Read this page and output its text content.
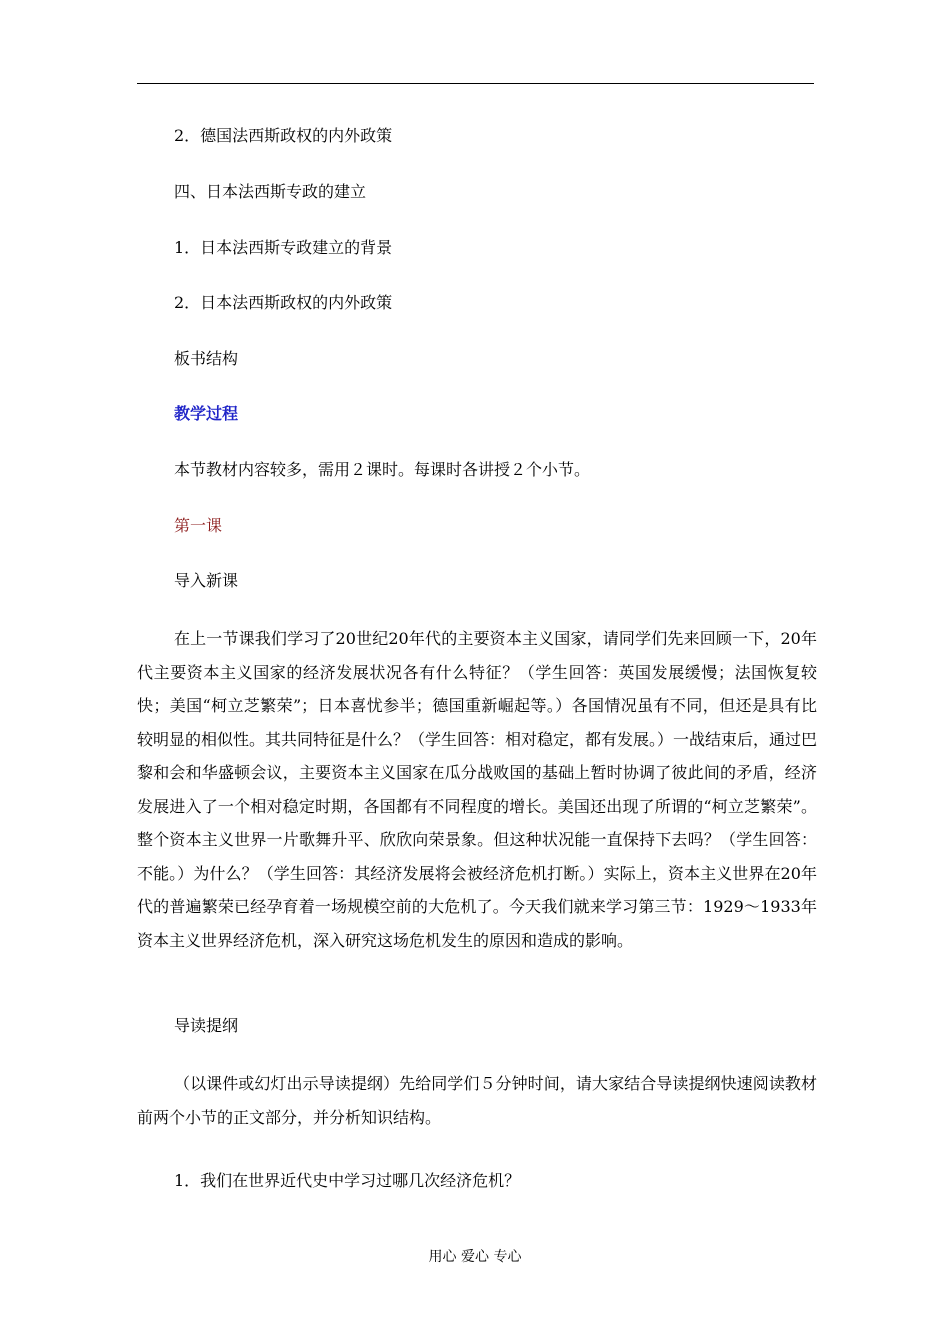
2．德国法西斯政权的内外政策
四、日本法西斯专政的建立
1．日本法西斯专政建立的背景
2．日本法西斯政权的内外政策
板书结构
教学过程
本节教材内容较多，需用２课时。每课时各讲授２个小节。
第一课
导入新课
在上一节课我们学习了20世纪20年代的主要资本主义国家，请同学们先来回顾一下，20年代主要资本主义国家的经济发展状况各有什么特征？（学生回答：英国发展缓慢；法国恢复较快；美国“柯立芝繁荣”；日本喜忧参半；德国重新崛起等。）各国情况虽有不同，但还是具有比较明显的相似性。其共同特征是什么？（学生回答：相对稳定，都有发展。）一战结束后，通过巴黎和会和华盛顿会议，主要资本主义国家在瓜分战败国的基础上暂时协调了彼此间的矛盾，经济发展进入了一个相对稳定时期，各国都有不同程度的增长。美国还出现了所谓的“柯立芝繁荣”。整个资本主义世界一片歌舞升平、欣欣向荣景象。但这种状况能一直保持下去吗？（学生回答：不能。）为什么？（学生回答：其经济发展将会被经济危机打断。）实际上，资本主义世界在20年代的普遍繁荣已经孕育着一场规模空前的大危机了。今天我们就来学习第三节：1929～1933年资本主义世界经济危机，深入研究这场危机发生的原因和造成的影响。
导读提纲
（以课件或幻灯出示导读提纲）先给同学们５分钟时间，请大家结合导读提纲快速阅读教材前两个小节的正文部分，并分析知识结构。
1．我们在世界近代史中学习过哪几次经济危机？
用心 爱心 专心
